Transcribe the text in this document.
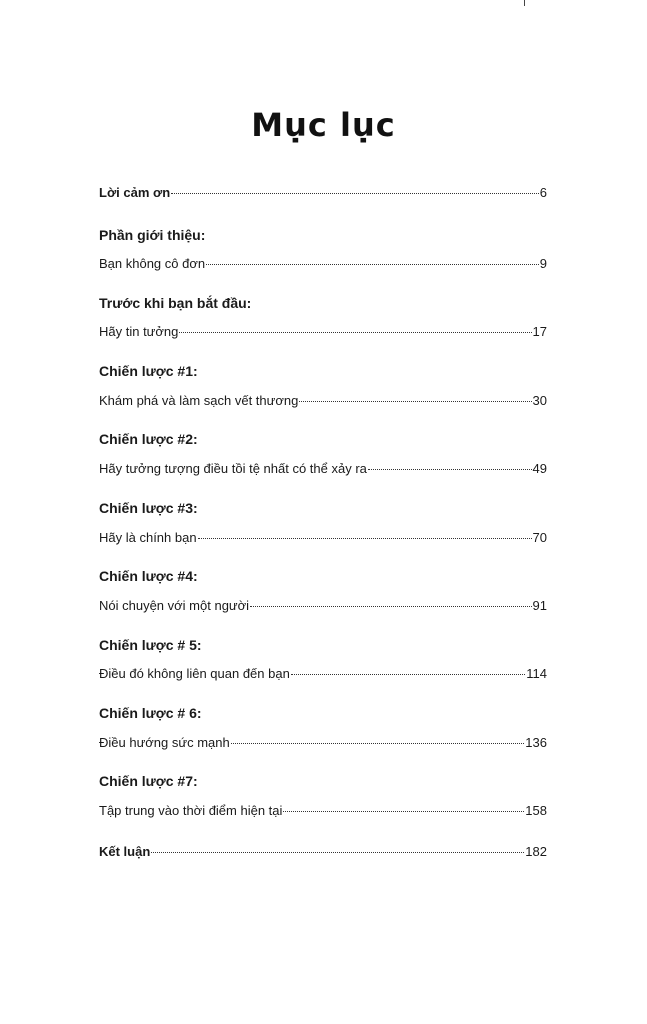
Mục lục
Lời cảm ơn	6
Phần giới thiệu:
Bạn không cô đơn	9
Trước khi bạn bắt đầu:
Hãy tin tưởng	17
Chiến lược #1:
Khám phá và làm sạch vết thương	30
Chiến lược #2:
Hãy tưởng tượng điều tồi tệ nhất có thể xảy ra	49
Chiến lược #3:
Hãy là chính bạn	70
Chiến lược #4:
Nói chuyện với một người	91
Chiến lược # 5:
Điều đó không liên quan đến bạn	114
Chiến lược # 6:
Điều hướng sức mạnh	136
Chiến lược #7:
Tập trung vào thời điểm hiện tại	158
Kết luận	182
